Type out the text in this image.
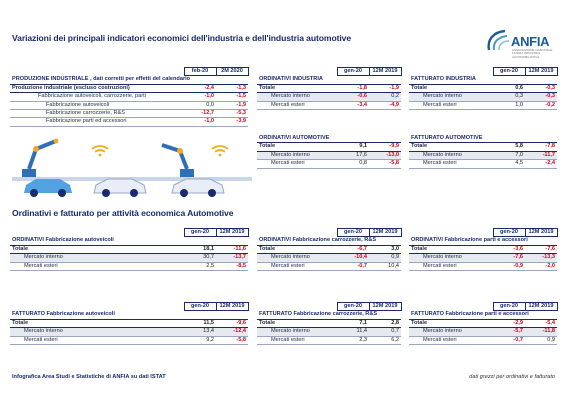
Variazioni dei principali indicatori economici dell'industria e dell'industria automotive	ANFIA
ASSOCIAZIONE NAZIONALE FILIERA INDUSTRIA AUTOMOBILISTICA
	feb-20	2M 2020
PRODUZIONE INDUSTRIALE , dati corretti per effetti del calendario		
Produzione industriale (escluso costruzioni)	-2,4	-1,3
Fabbricazione autoveicoli, carrozzerie, parti	-1,0	-1,5
Fabbricazione autoveicoli	0,0	-1,9
Fabbricazione carrozzerie, R&S	-12,7	-5,3
Fabbricazione parti ed accessori	-1,0	-3,9
	gen-20	12M 2019
ORDINATIVI INDUSTRIA		
Totale	-1,8	-1,9
Mercato interno	-0,6	0,2
Mercati esteri	-3,4	-4,9
	gen-20	12M 2019
FATTURATO INDUSTRIA		
Totale	0,6	-0,3
Mercato interno	0,3	-0,3
Mercati esteri	1,0	-0,2
ORDINATIVI AUTOMOTIVE		
Totale	9,1	-9,9
Mercato interno	17,6	-13,0
Mercati esteri	0,8	-5,8
FATTURATO AUTOMOTIVE		
Totale	5,8	-7,8
Mercato interno	7,0	-11,7
Mercati esteri	4,5	-2,4
Ordinativi e fatturato per attività economica Automotive
	gen-20	12M 2019
ORDINATIVI Fabbricazione autoveicoli		
Totale	18,1	-11,6
Mercato interno	30,7	-13,7
Mercati esteri	2,5	-8,5
	gen-20	12M 2019
ORDINATIVI Fabbricazione carrozzerie, R&S		
Totale	-6,7	3,0
Mercato interno	-10,4	0,9
Mercati esteri	-0,7	10,4
	gen-20	12M 2019
ORDINATIVI Fabbricazione parti e accessori		
Totale	-3,6	-7,6
Mercato interno	-7,6	-13,3
Mercati esteri	-0,9	-2,0
	gen-20	12M 2019
FATTURATO Fabbricazione autoveicoli		
Totale	11,5	-9,6
Mercato interno	13,4	-12,4
Mercati esteri	9,2	-5,8
	gen-20	12M 2019
FATTURATO Fabbricazione carrozzerie, R&S		
Totale	7,1	2,8
Mercato interno	11,4	0,7
Mercati esteri	2,3	6,2
	gen-20	12M 2019
FATTURATO Fabbricazione parti e accessori		
Totale	-2,9	-5,4
Mercato interno	-5,7	-11,8
Mercati esteri	-0,7	0,9
Infografica Area Studi e Statistiche di ANFIA su dati ISTAT	dati grezzi per ordinativi e fatturato
